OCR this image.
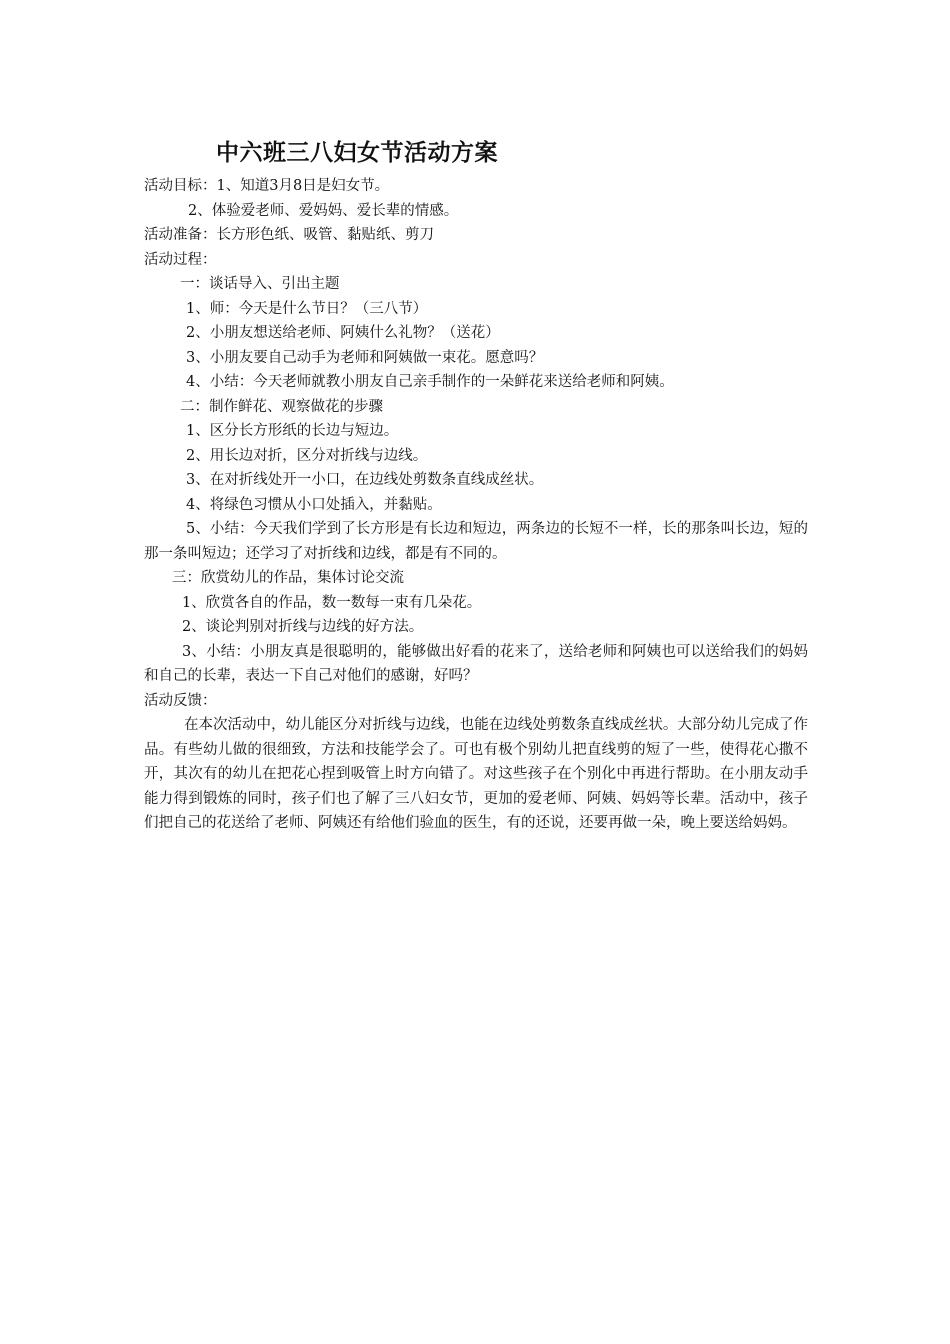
中六班三八妇女节活动方案
活动目标：1、知道3月8日是妇女节。
2、体验爱老师、爱妈妈、爱长辈的情感。
活动准备：长方形色纸、吸管、黏贴纸、剪刀
活动过程：
一：谈话导入、引出主题
1、师：今天是什么节日？（三八节）
2、小朋友想送给老师、阿姨什么礼物？（送花）
3、小朋友要自己动手为老师和阿姨做一束花。愿意吗？
4、小结：今天老师就教小朋友自己亲手制作的一朵鲜花来送给老师和阿姨。
二：制作鲜花、观察做花的步骤
1、区分长方形纸的长边与短边。
2、用长边对折，区分对折线与边线。
3、在对折线处开一小口，在边线处剪数条直线成丝状。
4、将绿色习惯从小口处插入，并黏贴。
5、小结：今天我们学到了长方形是有长边和短边，两条边的长短不一样，长的那条叫长边，短的那一条叫短边；还学习了对折线和边线，都是有不同的。
三：欣赏幼儿的作品，集体讨论交流
1、欣赏各自的作品，数一数每一束有几朵花。
2、谈论判别对折线与边线的好方法。
3、小结：小朋友真是很聪明的，能够做出好看的花来了，送给老师和阿姨也可以送给我们的妈妈和自己的长辈，表达一下自己对他们的感谢，好吗？
活动反馈：
在本次活动中，幼儿能区分对折线与边线，也能在边线处剪数条直线成丝状。大部分幼儿完成了作品。有些幼儿做的很细致，方法和技能学会了。可也有极个别幼儿把直线剪的短了一些，使得花心撒不开，其次有的幼儿在把花心捏到吸管上时方向错了。对这些孩子在个别化中再进行帮助。在小朋友动手能力得到锻炼的同时，孩子们也了解了三八妇女节，更加的爱老师、阿姨、妈妈等长辈。活动中，孩子们把自己的花送给了老师、阿姨还有给他们验血的医生，有的还说，还要再做一朵，晚上要送给妈妈。
